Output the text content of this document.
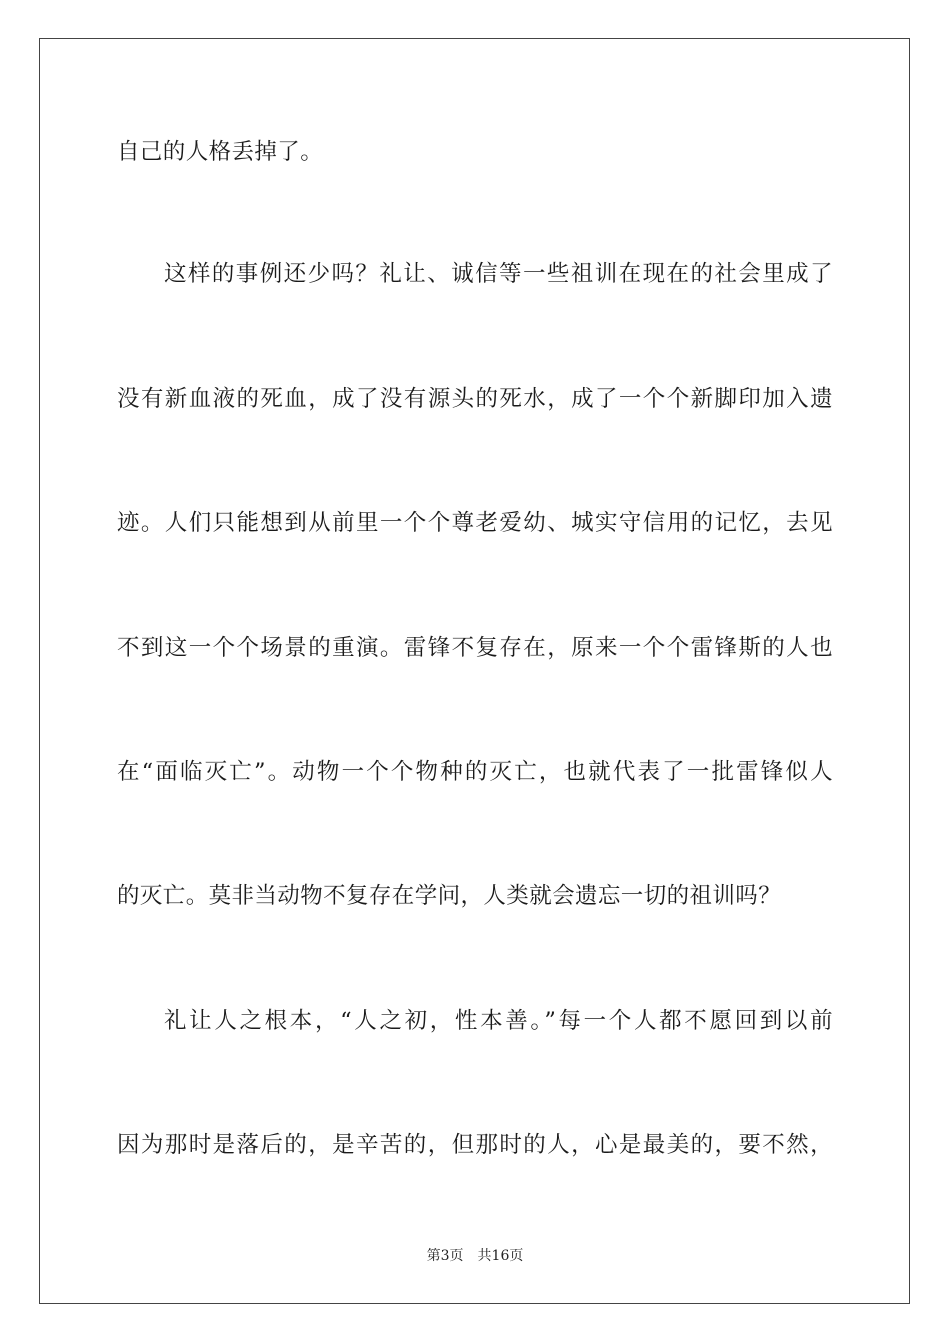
自己的人格丢掉了。

这样的事例还少吗？礼让、诚信等一些祖训在现在的社会里成了

没有新血液的死血，成了没有源头的死水，成了一个个新脚印加入遗

迹。人们只能想到从前里一个个尊老爱幼、城实守信用的记忆，去见

不到这一个个场景的重演。雷锋不复存在，原来一个个雷锋斯的人也

在“面临灭亡”。动物一个个物种的灭亡，也就代表了一批雷锋似人

的灭亡。莫非当动物不复存在学问，人类就会遗忘一切的祖训吗？

礼让人之根本，“人之初，性本善。”每一个人都不愿回到以前

因为那时是落后的，是辛苦的，但那时的人，心是最美的，要不然，

第3页 共16页
